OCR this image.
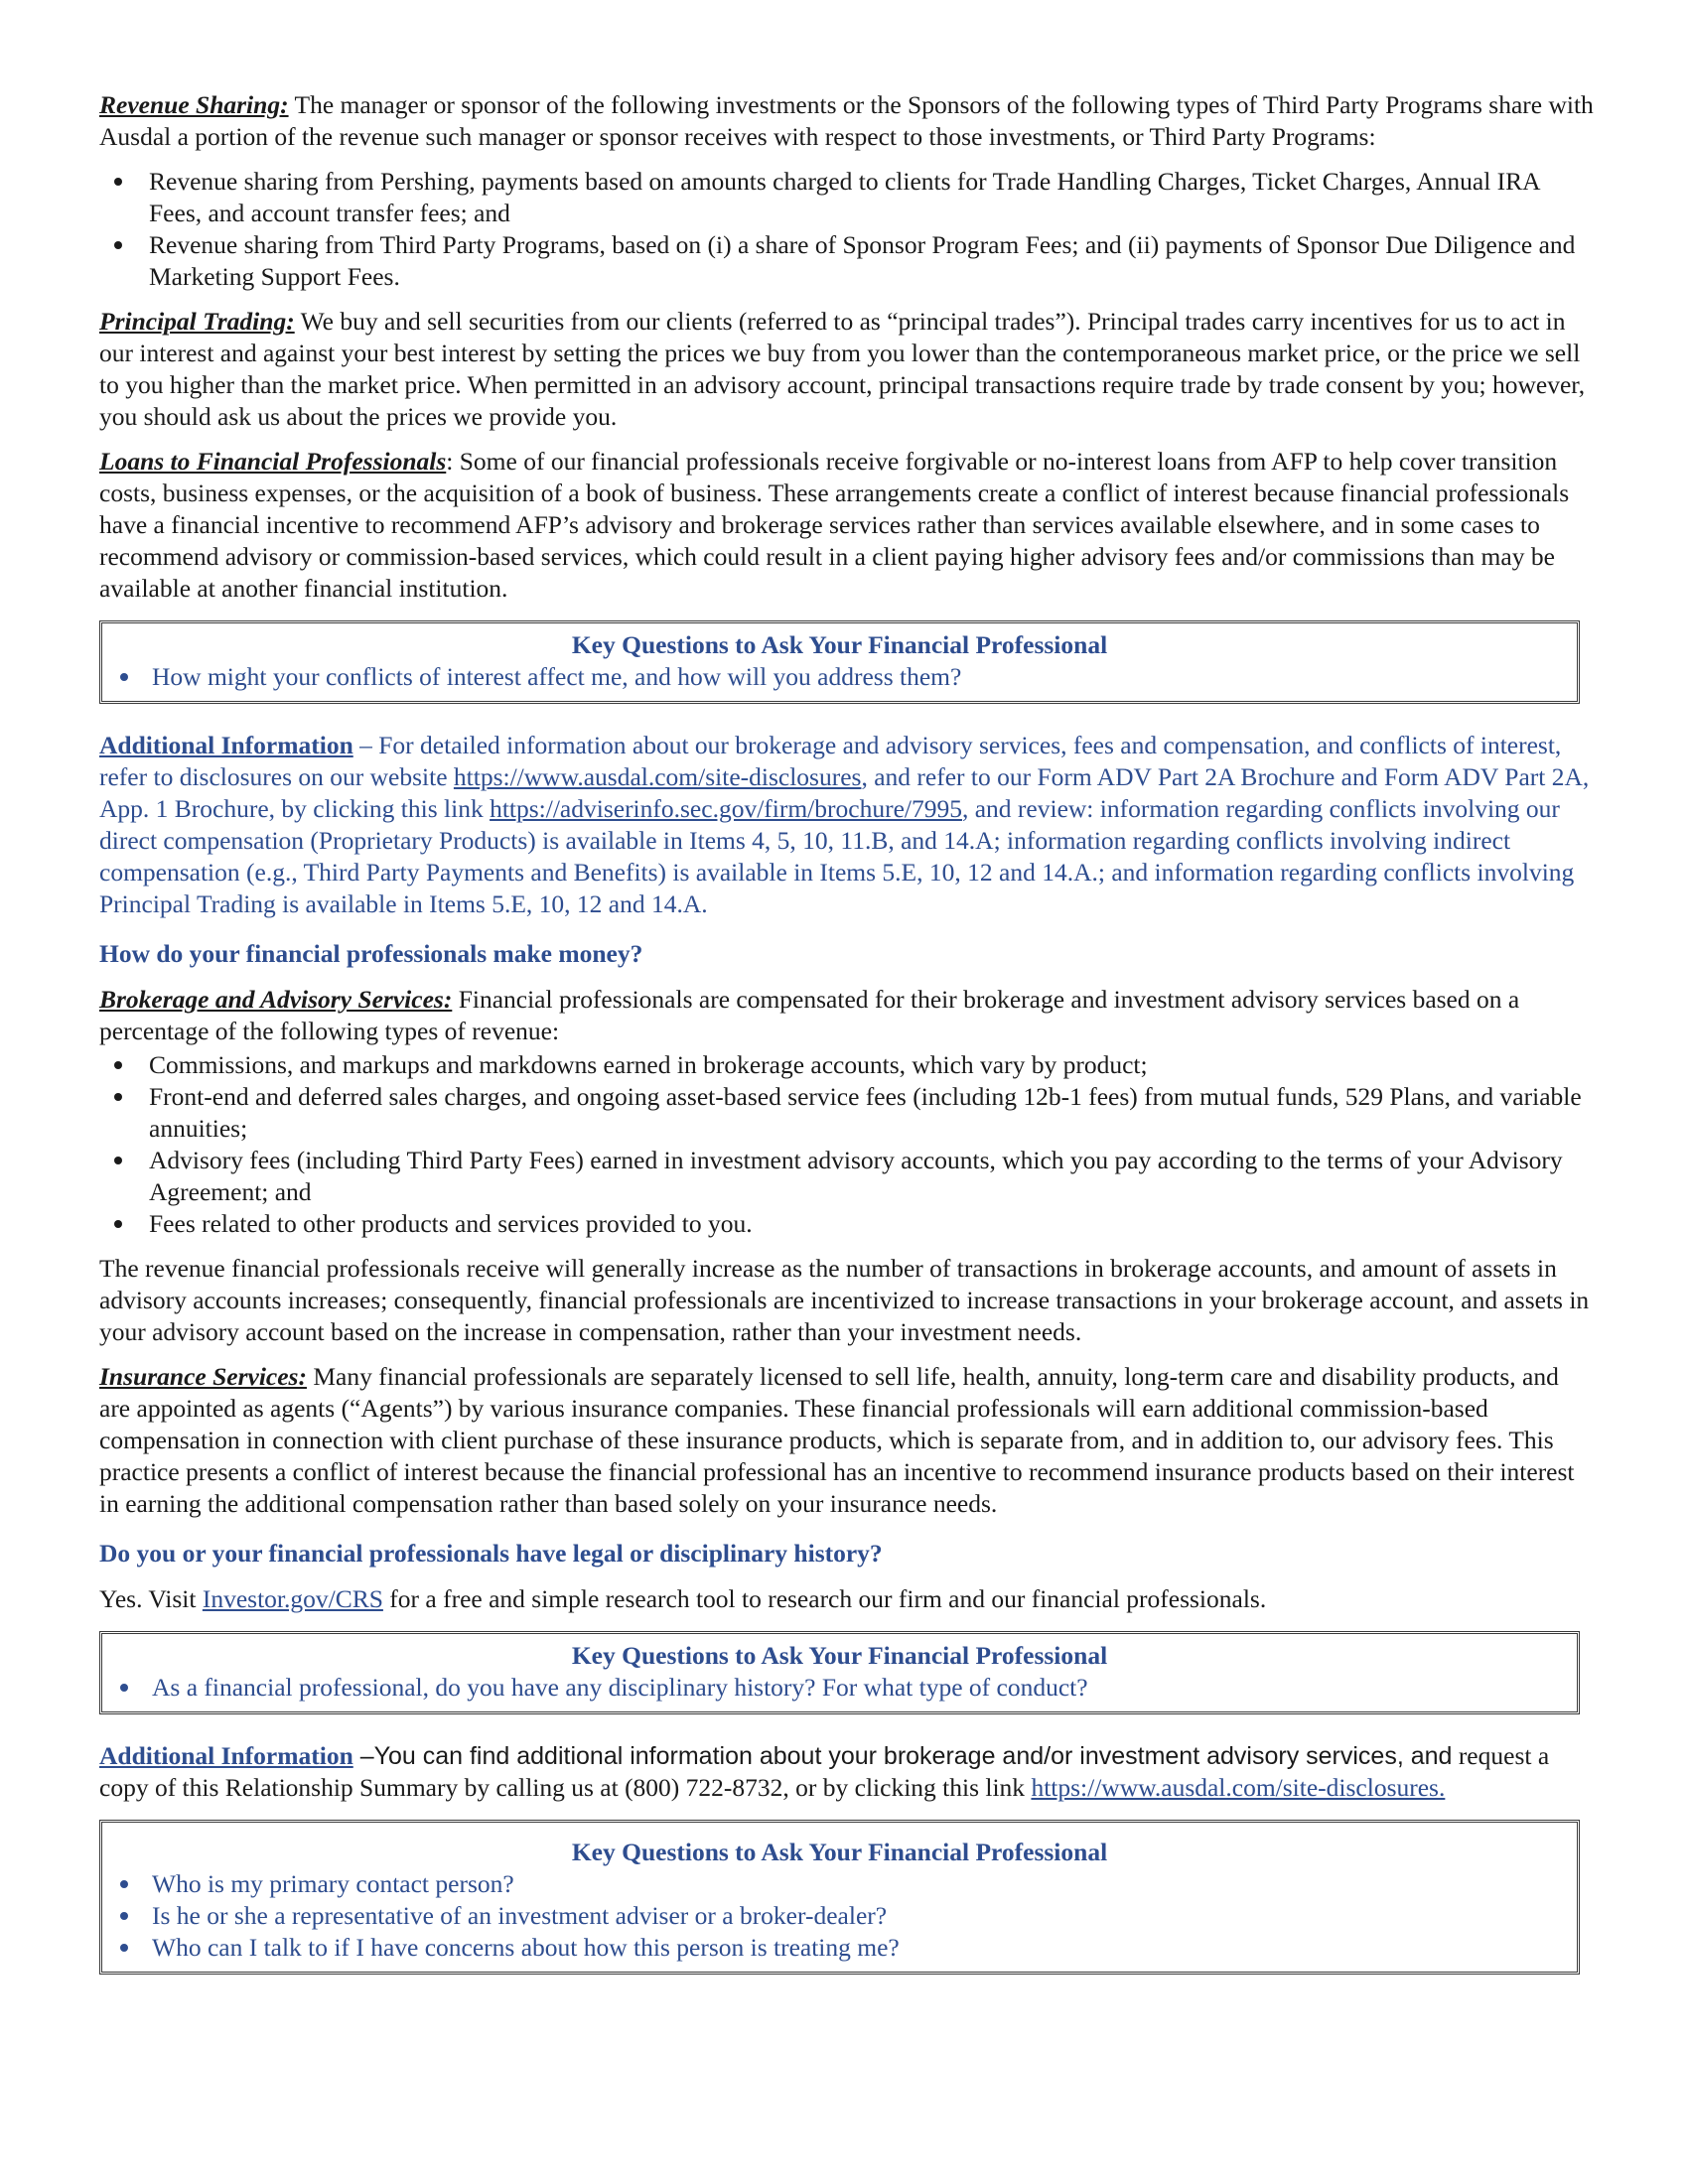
Revenue Sharing: The manager or sponsor of the following investments or the Sponsors of the following types of Third Party Programs share with Ausdal a portion of the revenue such manager or sponsor receives with respect to those investments, or Third Party Programs:

Revenue sharing from Pershing, payments based on amounts charged to clients for Trade Handling Charges, Ticket Charges, Annual IRA Fees, and account transfer fees; and
Revenue sharing from Third Party Programs, based on (i) a share of Sponsor Program Fees; and (ii) payments of Sponsor Due Diligence and Marketing Support Fees.

Principal Trading: We buy and sell securities from our clients (referred to as “principal trades”). Principal trades carry incentives for us to act in our interest and against your best interest by setting the prices we buy from you lower than the contemporaneous market price, or the price we sell to you higher than the market price. When permitted in an advisory account, principal transactions require trade by trade consent by you; however, you should ask us about the prices we provide you.

Loans to Financial Professionals: Some of our financial professionals receive forgivable or no-interest loans from AFP to help cover transition costs, business expenses, or the acquisition of a book of business. These arrangements create a conflict of interest because financial professionals have a financial incentive to recommend AFP’s advisory and brokerage services rather than services available elsewhere, and in some cases to recommend advisory or commission-based services, which could result in a client paying higher advisory fees and/or commissions than may be available at another financial institution.

Key Questions to Ask Your Financial Professional
How might your conflicts of interest affect me, and how will you address them?

Additional Information – For detailed information about our brokerage and advisory services, fees and compensation, and conflicts of interest, refer to disclosures on our website https://www.ausdal.com/site-disclosures, and refer to our Form ADV Part 2A Brochure and Form ADV Part 2A, App. 1 Brochure, by clicking this link https://adviserinfo.sec.gov/firm/brochure/7995, and review: information regarding conflicts involving our direct compensation (Proprietary Products) is available in Items 4, 5, 10, 11.B, and 14.A; information regarding conflicts involving indirect compensation (e.g., Third Party Payments and Benefits) is available in Items 5.E, 10, 12 and 14.A.; and information regarding conflicts involving Principal Trading is available in Items 5.E, 10, 12 and 14.A.

How do your financial professionals make money?

Brokerage and Advisory Services: Financial professionals are compensated for their brokerage and investment advisory services based on a percentage of the following types of revenue:

Commissions, and markups and markdowns earned in brokerage accounts, which vary by product;
Front-end and deferred sales charges, and ongoing asset-based service fees (including 12b-1 fees) from mutual funds, 529 Plans, and variable annuities;
Advisory fees (including Third Party Fees) earned in investment advisory accounts, which you pay according to the terms of your Advisory Agreement; and
Fees related to other products and services provided to you.

The revenue financial professionals receive will generally increase as the number of transactions in brokerage accounts, and amount of assets in advisory accounts increases; consequently, financial professionals are incentivized to increase transactions in your brokerage account, and assets in your advisory account based on the increase in compensation, rather than your investment needs.

Insurance Services: Many financial professionals are separately licensed to sell life, health, annuity, long-term care and disability products, and are appointed as agents (“Agents”) by various insurance companies. These financial professionals will earn additional commission-based compensation in connection with client purchase of these insurance products, which is separate from, and in addition to, our advisory fees. This practice presents a conflict of interest because the financial professional has an incentive to recommend insurance products based on their interest in earning the additional compensation rather than based solely on your insurance needs.

Do you or your financial professionals have legal or disciplinary history?

Yes. Visit Investor.gov/CRS for a free and simple research tool to research our firm and our financial professionals.

Key Questions to Ask Your Financial Professional
As a financial professional, do you have any disciplinary history? For what type of conduct?

Additional Information –You can find additional information about your brokerage and/or investment advisory services, and request a copy of this Relationship Summary by calling us at (800) 722-8732, or by clicking this link https://www.ausdal.com/site-disclosures.

Key Questions to Ask Your Financial Professional
Who is my primary contact person?
Is he or she a representative of an investment adviser or a broker-dealer?
Who can I talk to if I have concerns about how this person is treating me?
